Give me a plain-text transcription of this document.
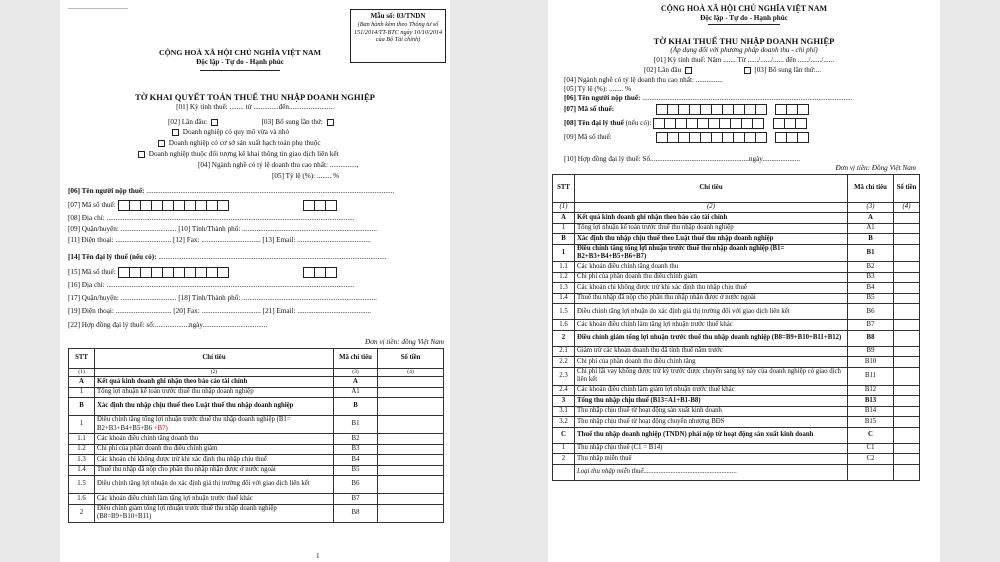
Mẫu số: 03/TNDN
(Ban hành kèm theo Thông tư số 151/2014/TT-BTC ngày 10/10/2014 của Bộ Tài chính)
CỘNG HOÀ XÃ HỘI CHỦ NGHĨA VIỆT NAM
Độc lập - Tự do - Hạnh phúc
TỜ KHAI QUYẾT TOÁN THUẾ THU NHẬP DOANH NGHIỆP
[01] Kỳ tính thuế: ........ từ ..............đến.........................
[02] Lần đầu:	[03] Bổ sung lần thứ:
Doanh nghiệp có quy mô vừa và nhỏ
Doanh nghiệp có cơ sở sản xuất hạch toán phụ thuộc
Doanh nghiệp thuộc đối tượng kê khai thông tin giao dịch liên kết
[04] Ngành nghề có tỷ lệ doanh thu cao nhất: ...............,
[05] Tỷ lệ (%): ........ %
[06] Tên người nộp thuế: ..........................................................................................................................................
[07] Mã số thuế:

[08] Địa chỉ: ..........................................................................................................................................
[09] Quận/huyện: ............................... [10] Tỉnh/Thành phố: ...........................................................................
[11] Điện thoại: ............................... [12] Fax: ................................. [13] Email: .........................................
[14] Tên đại lý thuế (nếu có): ...............................................................................................................................
[15] Mã số thuế:

[16] Địa chỉ: ..........................................................................................................................................
[17] Quận/huyện: ............................... [18] Tỉnh/Thành phố: ...........................................................................
[19] Điện thoại: ............................... [20] Fax: ................................. [21] Email: .........................................
[22] Hợp đồng đại lý thuế: số:...................ngày....................................
Đơn vị tiền: đồng Việt Nam
STT	Chỉ tiêu	Mã chỉ tiêu	Số tiền
(1)	(2)	(3)	(4)
A	Kết quả kinh doanh ghi nhận theo báo cáo tài chính	A	
1	Tổng lợi nhuận kế toán trước thuế thu nhập doanh nghiệp	A1	
B	Xác định thu nhập chịu thuế theo Luật thuế thu nhập doanh nghiệp	B	
1	Điều chỉnh tăng tổng lợi nhuận trước thuế thu nhập doanh nghiệp (B1= B2+B3+B4+B5+B6 +B7)	B1	
1.1	Các khoản điều chỉnh tăng doanh thu	B2	
1.2	Chi phí của phần doanh thu điều chỉnh giảm	B3	
1.3	Các khoản chi không được trừ khi xác định thu nhập chịu thuế	B4	
1.4	Thuế thu nhập đã nộp cho phần thu nhập nhận được ở nước ngoài	B5	
1.5	Điều chỉnh tăng lợi nhuận do xác định giá thị trường đối với giao dịch liên kết	B6	
1.6	Các khoản điều chỉnh làm tăng lợi nhuận trước thuế khác	B7	
2	Điều chỉnh giảm tổng lợi nhuận trước thuế thu nhập doanh nghiệp (B8=B9+B10+B11)	B8	
1
CỘNG HOÀ XÃ HỘI CHỦ NGHĨA VIỆT NAM
Độc lập - Tự do - Hạnh phúc
TỜ KHAI THUẾ THU NHẬP DOANH NGHIỆP
(Áp dụng đối với phương pháp doanh thu - chi phí)
[01] Kỳ tính thuế: Năm ....... Từ ....../....../...... đến ....../....../......
[02] Lần đầu	[03] Bổ sung lần thứ:...
[04] Ngành nghề có tỷ lệ doanh thu cao nhất: ...............
[05] Tỷ lệ (%): ........ %
[06] Tên người nộp thuế: .....................................................................................................................
[07] Mã số thuế:

[08] Tên đại lý thuế (nếu có):

[09] Mã số thuế:

[10] Hợp đồng đại lý thuế: Số.......................................................ngày.....................
Đơn vị tiền: Đồng Việt Nam
STT	Chỉ tiêu	Mã chỉ tiêu	Số tiền
(1)	(2)	(3)	(4)
A	Kết quả kinh doanh ghi nhận theo báo cáo tài chính	A	
1	Tổng lợi nhuận kế toán trước thuế thu nhập doanh nghiệp	A1	
B	Xác định thu nhập chịu thuế theo Luật thuế thu nhập doanh nghiệp	B	
1	Điều chỉnh tăng tổng lợi nhuận trước thuế thu nhập doanh nghiệp (B1= B2+B3+B4+B5+B6+B7)	B1	
1.1	Các khoản điều chỉnh tăng doanh thu	B2	
1.2	Chi phí của phần doanh thu điều chỉnh giảm	B3	
1.3	Các khoản chi không được trừ khi xác định thu nhập chịu thuế	B4	
1.4	Thuế thu nhập đã nộp cho phần thu nhập nhận được ở nước ngoài	B5	
1.5	Điều chỉnh tăng lợi nhuận do xác định giá thị trường đối với giao dịch liên kết	B6	
1.6	Các khoản điều chỉnh làm tăng lợi nhuận trước thuế khác	B7	
2	Điều chỉnh giảm tổng lợi nhuận trước thuế thu nhập doanh nghiệp (B8=B9+B10+B11+B12)	B8	
2.1	Giảm trừ các khoản doanh thu đã tính thuế năm trước	B9	
2.2	Chi phí của phần doanh thu điều chỉnh tăng	B10	
2.3	Chi phí lãi vay không được trừ kỳ trước được chuyển sang kỳ này của doanh nghiệp có giao dịch liên kết	B11	
2.4	Các khoản điều chỉnh làm giảm lợi nhuận trước thuế khác	B12	
3	Tổng thu nhập chịu thuế (B13=A1+B1-B8)	B13	
3.1	Thu nhập chịu thuế từ hoạt động sản xuất kinh doanh	B14	
3.2	Thu nhập chịu thuế từ hoạt động chuyển nhượng BĐS	B15	
C	Thuế thu nhập doanh nghiệp (TNDN) phải nộp từ hoạt động sản xuất kinh doanh	C	
1	Thu nhập chịu thuế (C1 = B14)	C1	
2	Thu nhập miễn thuế	C2	
	Loại thu nhập miễn thuế.......................................................		
